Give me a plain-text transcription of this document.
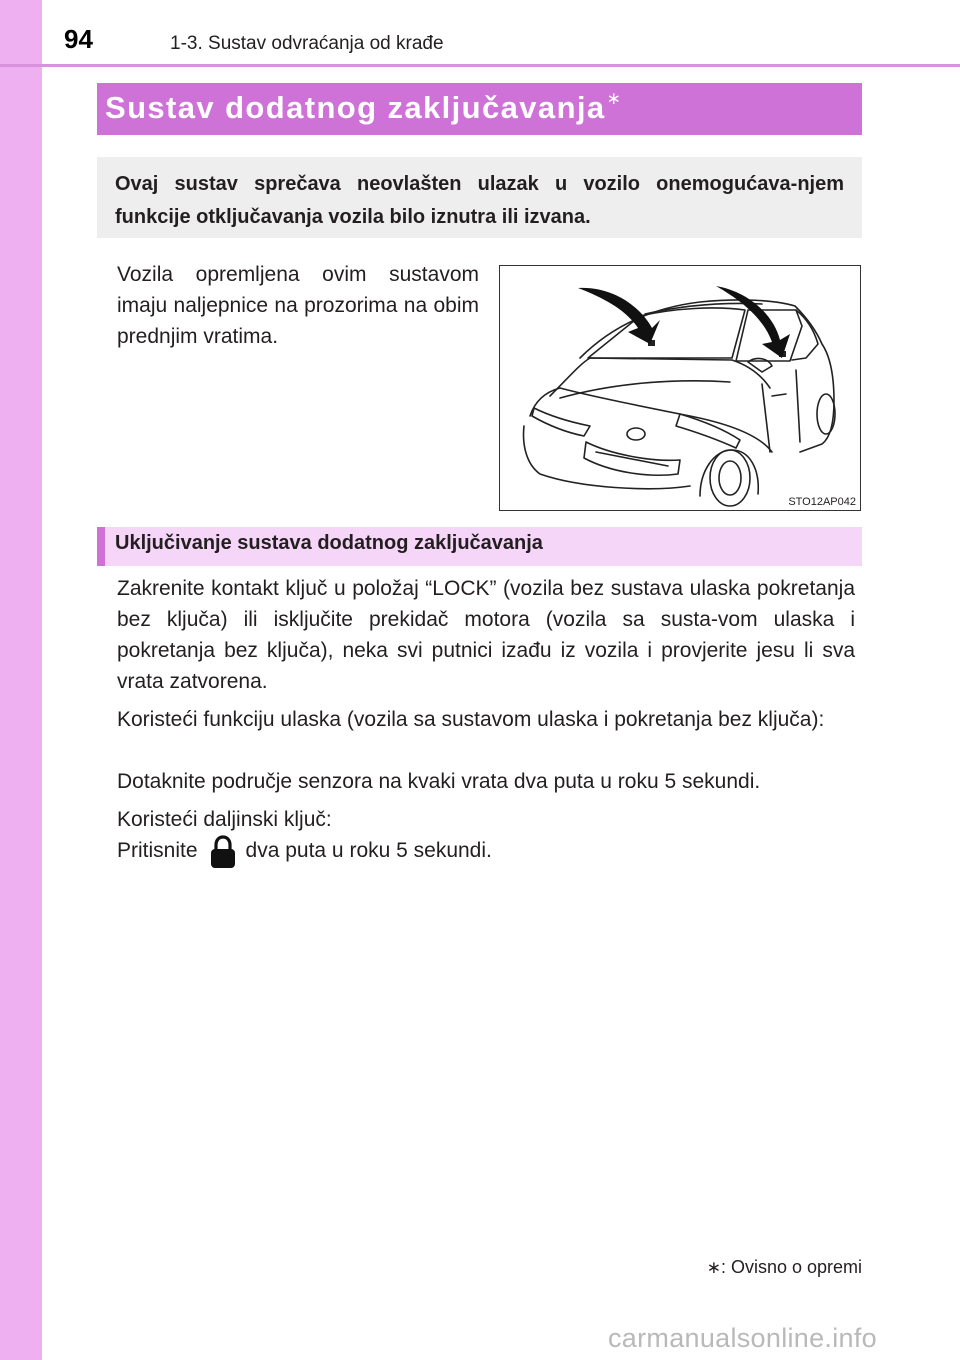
94	1-3. Sustav odvraćanja od krađe
Sustav dodatnog zaključavanja∗
Ovaj sustav sprečava neovlašten ulazak u vozilo onemogućava-njem funkcije otključavanja vozila bilo iznutra ili izvana.
Vozila opremljena ovim sustavom imaju naljepnice na prozorima na obim prednjim vratima.
STO12AP042
Uključivanje sustava dodatnog zaključavanja
Zakrenite kontakt ključ u položaj “LOCK” (vozila bez sustava ulaska pokretanja bez ključa) ili isključite prekidač motora (vozila sa susta-vom ulaska i pokretanja bez ključa), neka svi putnici izađu iz vozila i provjerite jesu li sva vrata zatvorena.
Koristeći funkciju ulaska (vozila sa sustavom ulaska i pokretanja bez ključa):
Dotaknite područje senzora na kvaki vrata dva puta u roku 5 sekundi.
Koristeći daljinski ključ:
Pritisnite dva puta u roku 5 sekundi.
∗: Ovisno o opremi
carmanualsonline.info
